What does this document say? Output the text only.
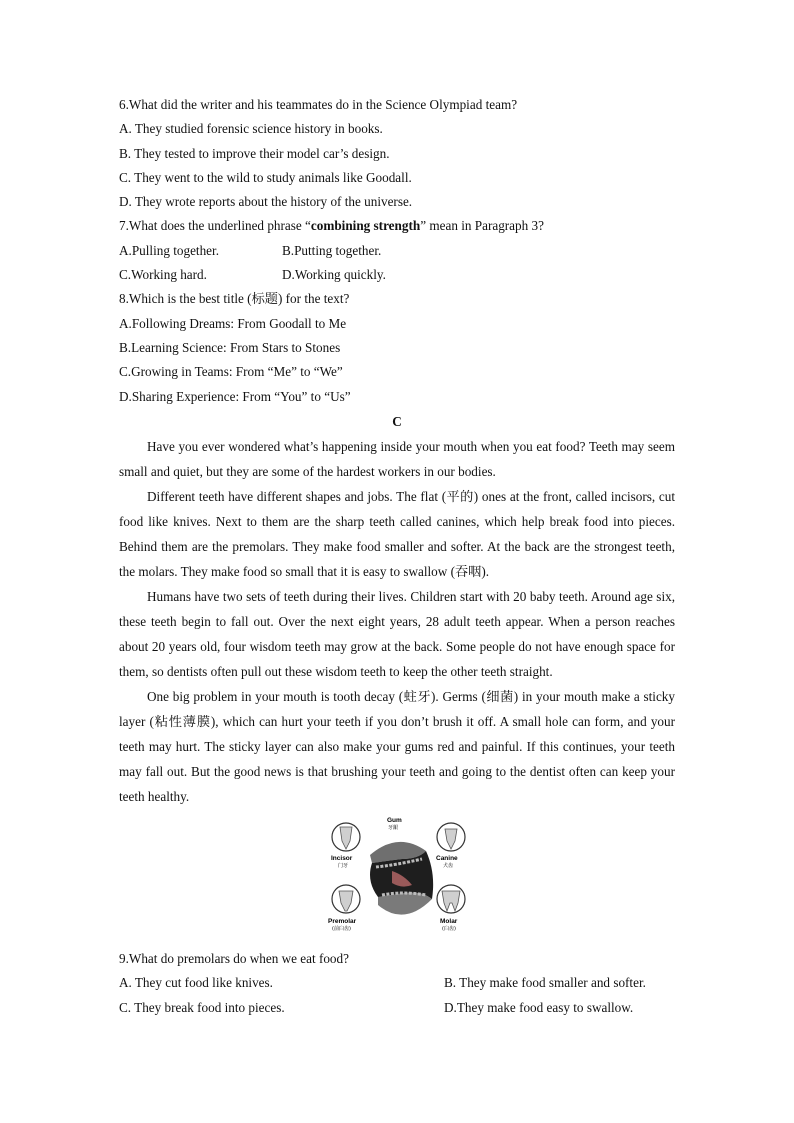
6.What did the writer and his teammates do in the Science Olympiad team?
A. They studied forensic science history in books.
B. They tested to improve their model car’s design.
C. They went to the wild to study animals like Goodall.
D. They wrote reports about the history of the universe.
7.What does the underlined phrase “combining strength” mean in Paragraph 3?
A.Pulling together.	B.Putting together.
C.Working hard.	D.Working quickly.
8.Which is the best title (标题) for the text?
A.Following Dreams: From Goodall to Me
B.Learning Science: From Stars to Stones
C.Growing in Teams: From “Me” to “We”
D.Sharing Experience: From “You” to “Us”
C

Have you ever wondered what’s happening inside your mouth when you eat food? Teeth may seem small and quiet, but they are some of the hardest workers in our bodies.

Different teeth have different shapes and jobs. The flat (平的) ones at the front, called incisors, cut food like knives. Next to them are the sharp teeth called canines, which help break food into pieces. Behind them are the premolars. They make food smaller and softer. At the back are the strongest teeth, the molars. They make food so small that it is easy to swallow (吞咽).

Humans have two sets of teeth during their lives. Children start with 20 baby teeth. Around age six, these teeth begin to fall out. Over the next eight years, 28 adult teeth appear. When a person reaches about 20 years old, four wisdom teeth may grow at the back. Some people do not have enough space for them, so dentists often pull out these wisdom teeth to keep the other teeth straight.

One big problem in your mouth is tooth decay (蛀牙). Germs (细菌) in your mouth make a sticky layer (粘性薄膜), which can hurt your teeth if you don’t brush it off. A small hole can form, and your teeth may hurt. The sticky layer can also make your gums red and painful. If this continues, your teeth may fall out. But the good news is that brushing your teeth and going to the dentist often can keep your teeth healthy.

Gum
牙龈
Incisor
门牙
Canine
犬齿
Premolar
(前臼齿)
Molar
(臼齿)
9.What do premolars do when we eat food?
A. They cut food like knives.	B. They make food smaller and softer.
C. They break food into pieces.	D.They make food easy to swallow.
